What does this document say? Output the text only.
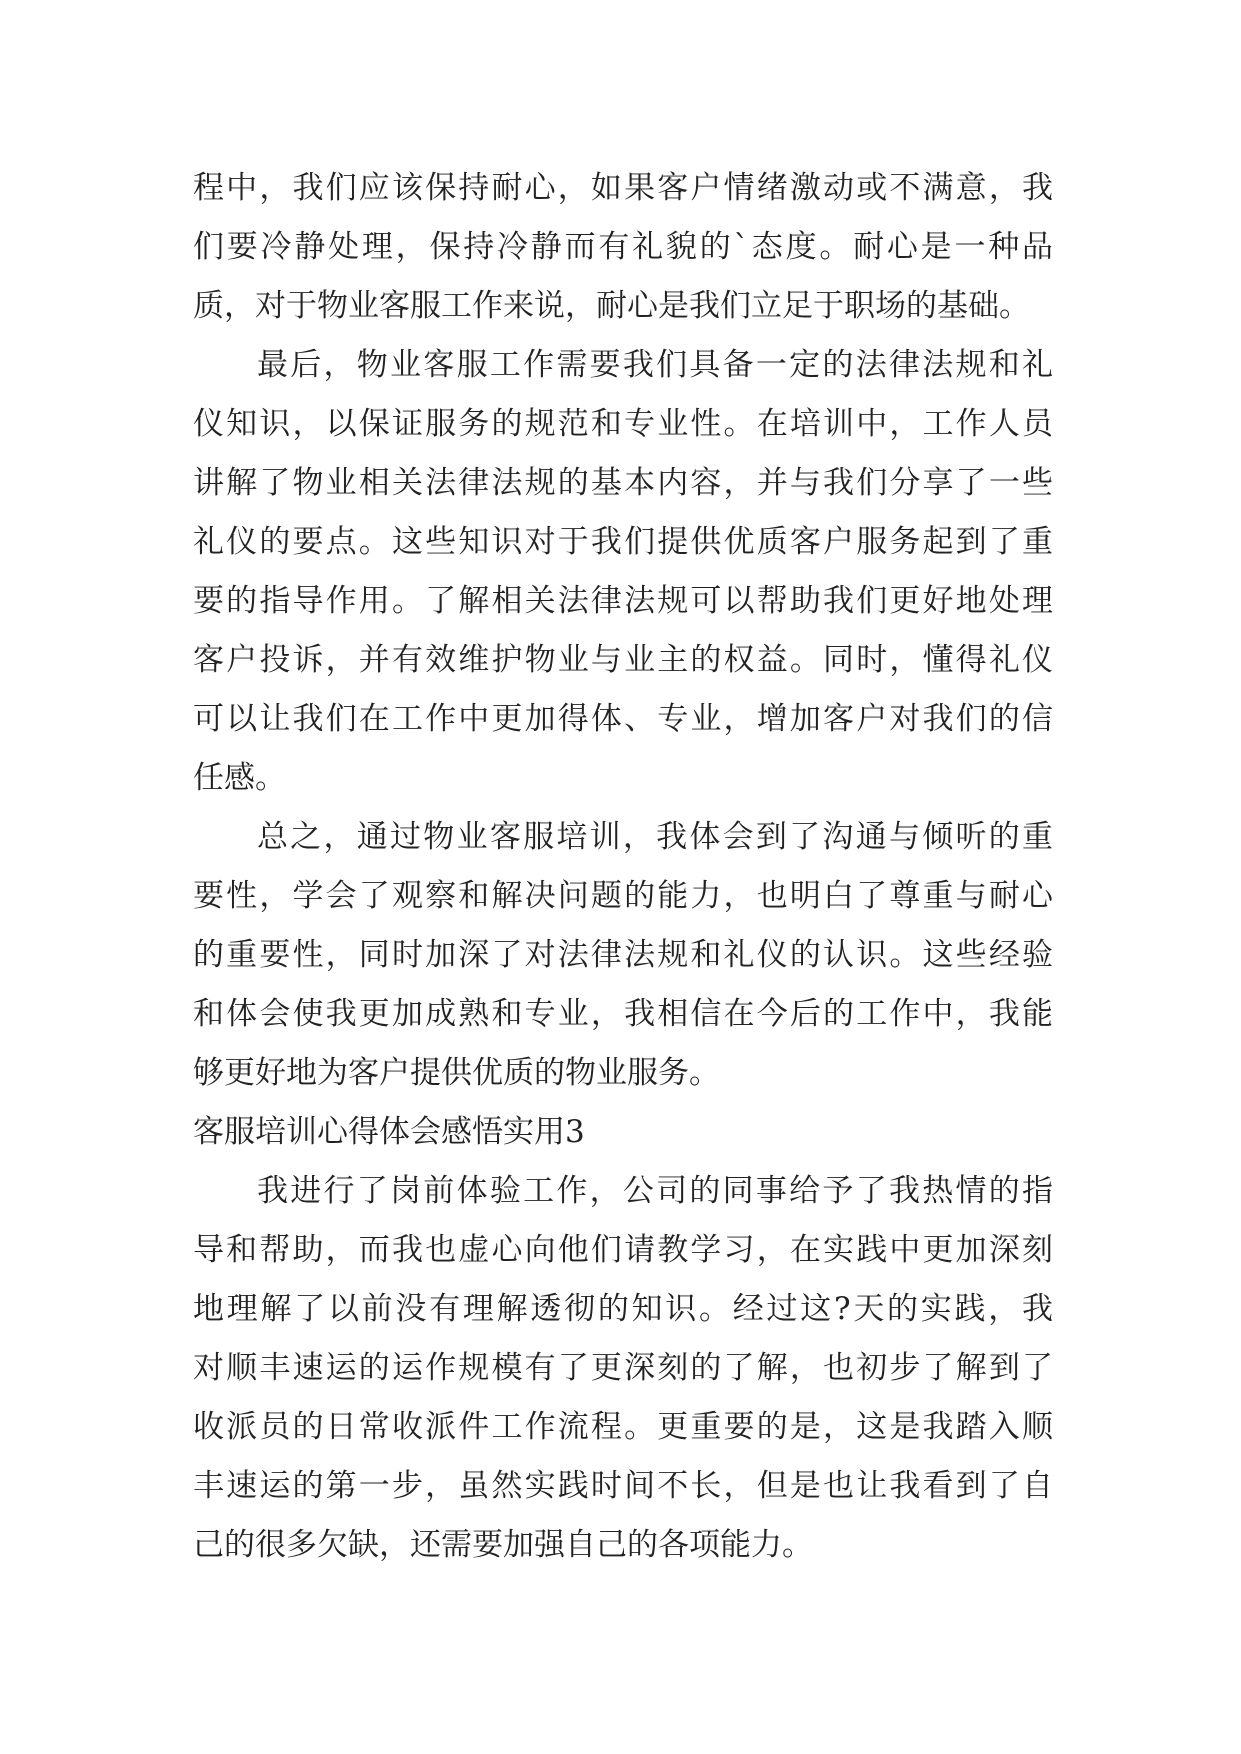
程中，我们应该保持耐心，如果客户情绪激动或不满意，我

们要冷静处理，保持冷静而有礼貌的`态度。耐心是一种品

质，对于物业客服工作来说，耐心是我们立足于职场的基础。

最后，物业客服工作需要我们具备一定的法律法规和礼

仪知识，以保证服务的规范和专业性。在培训中，工作人员

讲解了物业相关法律法规的基本内容，并与我们分享了一些

礼仪的要点。这些知识对于我们提供优质客户服务起到了重

要的指导作用。了解相关法律法规可以帮助我们更好地处理

客户投诉，并有效维护物业与业主的权益。同时，懂得礼仪

可以让我们在工作中更加得体、专业，增加客户对我们的信

任感。

总之，通过物业客服培训，我体会到了沟通与倾听的重

要性，学会了观察和解决问题的能力，也明白了尊重与耐心

的重要性，同时加深了对法律法规和礼仪的认识。这些经验

和体会使我更加成熟和专业，我相信在今后的工作中，我能

够更好地为客户提供优质的物业服务。

客服培训心得体会感悟实用3

我进行了岗前体验工作，公司的同事给予了我热情的指

导和帮助，而我也虚心向他们请教学习，在实践中更加深刻

地理解了以前没有理解透彻的知识。经过这?天的实践，我

对顺丰速运的运作规模有了更深刻的了解，也初步了解到了

收派员的日常收派件工作流程。更重要的是，这是我踏入顺

丰速运的第一步，虽然实践时间不长，但是也让我看到了自

己的很多欠缺，还需要加强自己的各项能力。
